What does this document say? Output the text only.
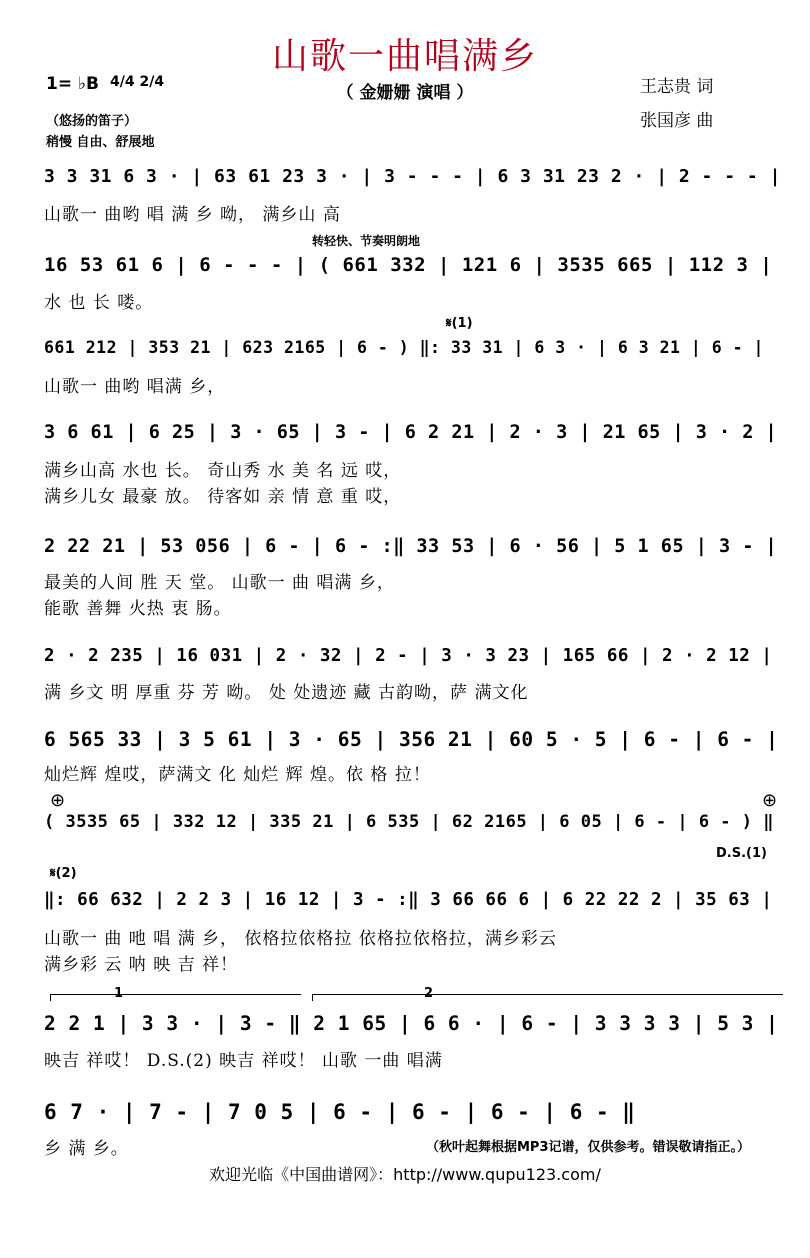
山歌一曲唱满乡
（ 金姗姗 演唱 ）
1= ♭B 4/4 2/4
（悠扬的笛子）
稍慢 自由、舒展地
王志贵 词
张国彦 曲
3 3 31 6 3 · | 63 61 23 3 · | 3 - - - | 6 3 31 23 2 · | 2 - - - |
山歌一 曲哟 唱 满 乡 呦， 满乡山 高
转轻快、节奏明朗地
16 53 61 6 | 6 - - - | ( 661 332 | 121 6 | 3535 665 | 112 3 |
水 也 长 喽。
𝄋(1)
661 212 | 353 21 | 623 2165 | 6 - ) ‖: 33 31 | 6 3 · | 6 3 21 | 6 - |
山歌一 曲哟 唱满 乡，
3 6 61 | 6 25 | 3 · 65 | 3 - | 6 2 21 | 2 · 3 | 21 65 | 3 · 2 |
满乡山高 水也 长。 奇山秀 水 美 名 远 哎，
满乡儿女 最豪 放。 待客如 亲 情 意 重 哎，
2 22 21 | 53 056 | 6 - | 6 - :‖ 33 53 | 6 · 56 | 5 1 65 | 3 - |
最美的人间 胜 天 堂。 山歌一 曲 唱满 乡，
能歌 善舞 火热 衷 肠。
2 · 2 235 | 16 031 | 2 · 32 | 2 - | 3 · 3 23 | 165 66 | 2 · 2 12 |
满 乡文 明 厚重 芬 芳 呦。 处 处遗迹 藏 古韵呦，萨 满文化
6 565 33 | 3 5 61 | 3 · 65 | 356 21 | 60 5 · 5 | 6 - | 6 - |
灿烂辉 煌哎，萨满文 化 灿烂 辉 煌。依 格 拉！
⊕	⊕
( 3535 65 | 332 12 | 335 21 | 6 535 | 62 2165 | 6 05 | 6 - | 6 - ) ‖
D.S.(1)
𝄋(2)
‖: 66 632 | 2 2 3 | 16 12 | 3 - :‖ 3 66 66 6 | 6 22 22 2 | 35 63 |
山歌一 曲 吔 唱 满 乡， 依格拉依格拉 依格拉依格拉，满乡彩云
满乡彩 云 呐 映 吉 祥！
1	2
2 2 1 | 3 3 · | 3 - ‖ 2 1 65 | 6 6 · | 6 - | 3 3 3 3 | 5 3 |
映吉 祥哎！ D.S.(2) 映吉 祥哎！ 山歌 一曲 唱满
6 7 · | 7 - | 7 0 5 | 6 - | 6 - | 6 - | 6 - ‖
乡 满 乡。	（秋叶起舞根据MP3记谱，仅供参考。错误敬请指正。）
欢迎光临《中国曲谱网》：http://www.qupu123.com/
